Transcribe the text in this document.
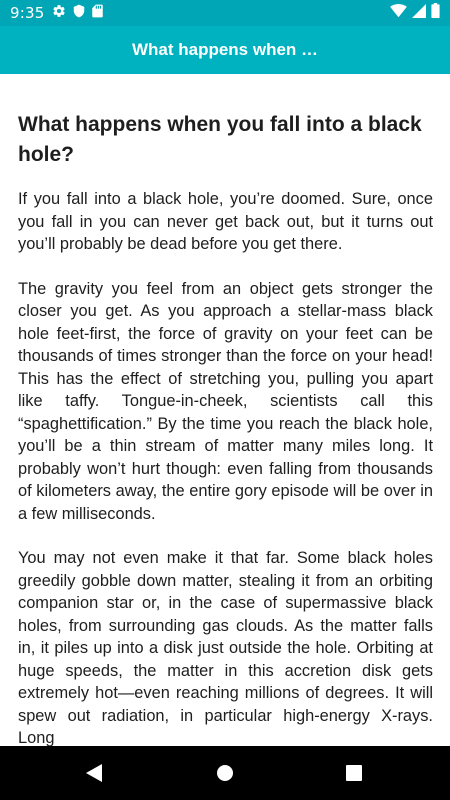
9:35
What happens when …
What happens when you fall into a black hole?

If you fall into a black hole, you’re doomed. Sure, once you fall in you can never get back out, but it turns out you’ll probably be dead before you get there.

The gravity you feel from an object gets stronger the closer you get. As you approach a stellar-mass black hole feet-first, the force of gravity on your feet can be thousands of times stronger than the force on your head! This has the effect of stretching you, pulling you apart like taffy. Tongue-in-cheek, scientists call this “spaghettification.” By the time you reach the black hole, you’ll be a thin stream of matter many miles long. It probably won’t hurt though: even falling from thousands of kilometers away, the entire gory episode will be over in a few milliseconds.

You may not even make it that far. Some black holes greedily gobble down matter, stealing it from an orbiting companion star or, in the case of supermassive black holes, from surrounding gas clouds. As the matter falls in, it piles up into a disk just outside the hole. Orbiting at huge speeds, the matter in this accretion disk gets extremely hot—even reaching millions of degrees. It will spew out radiation, in particular high-energy X-rays. Long
